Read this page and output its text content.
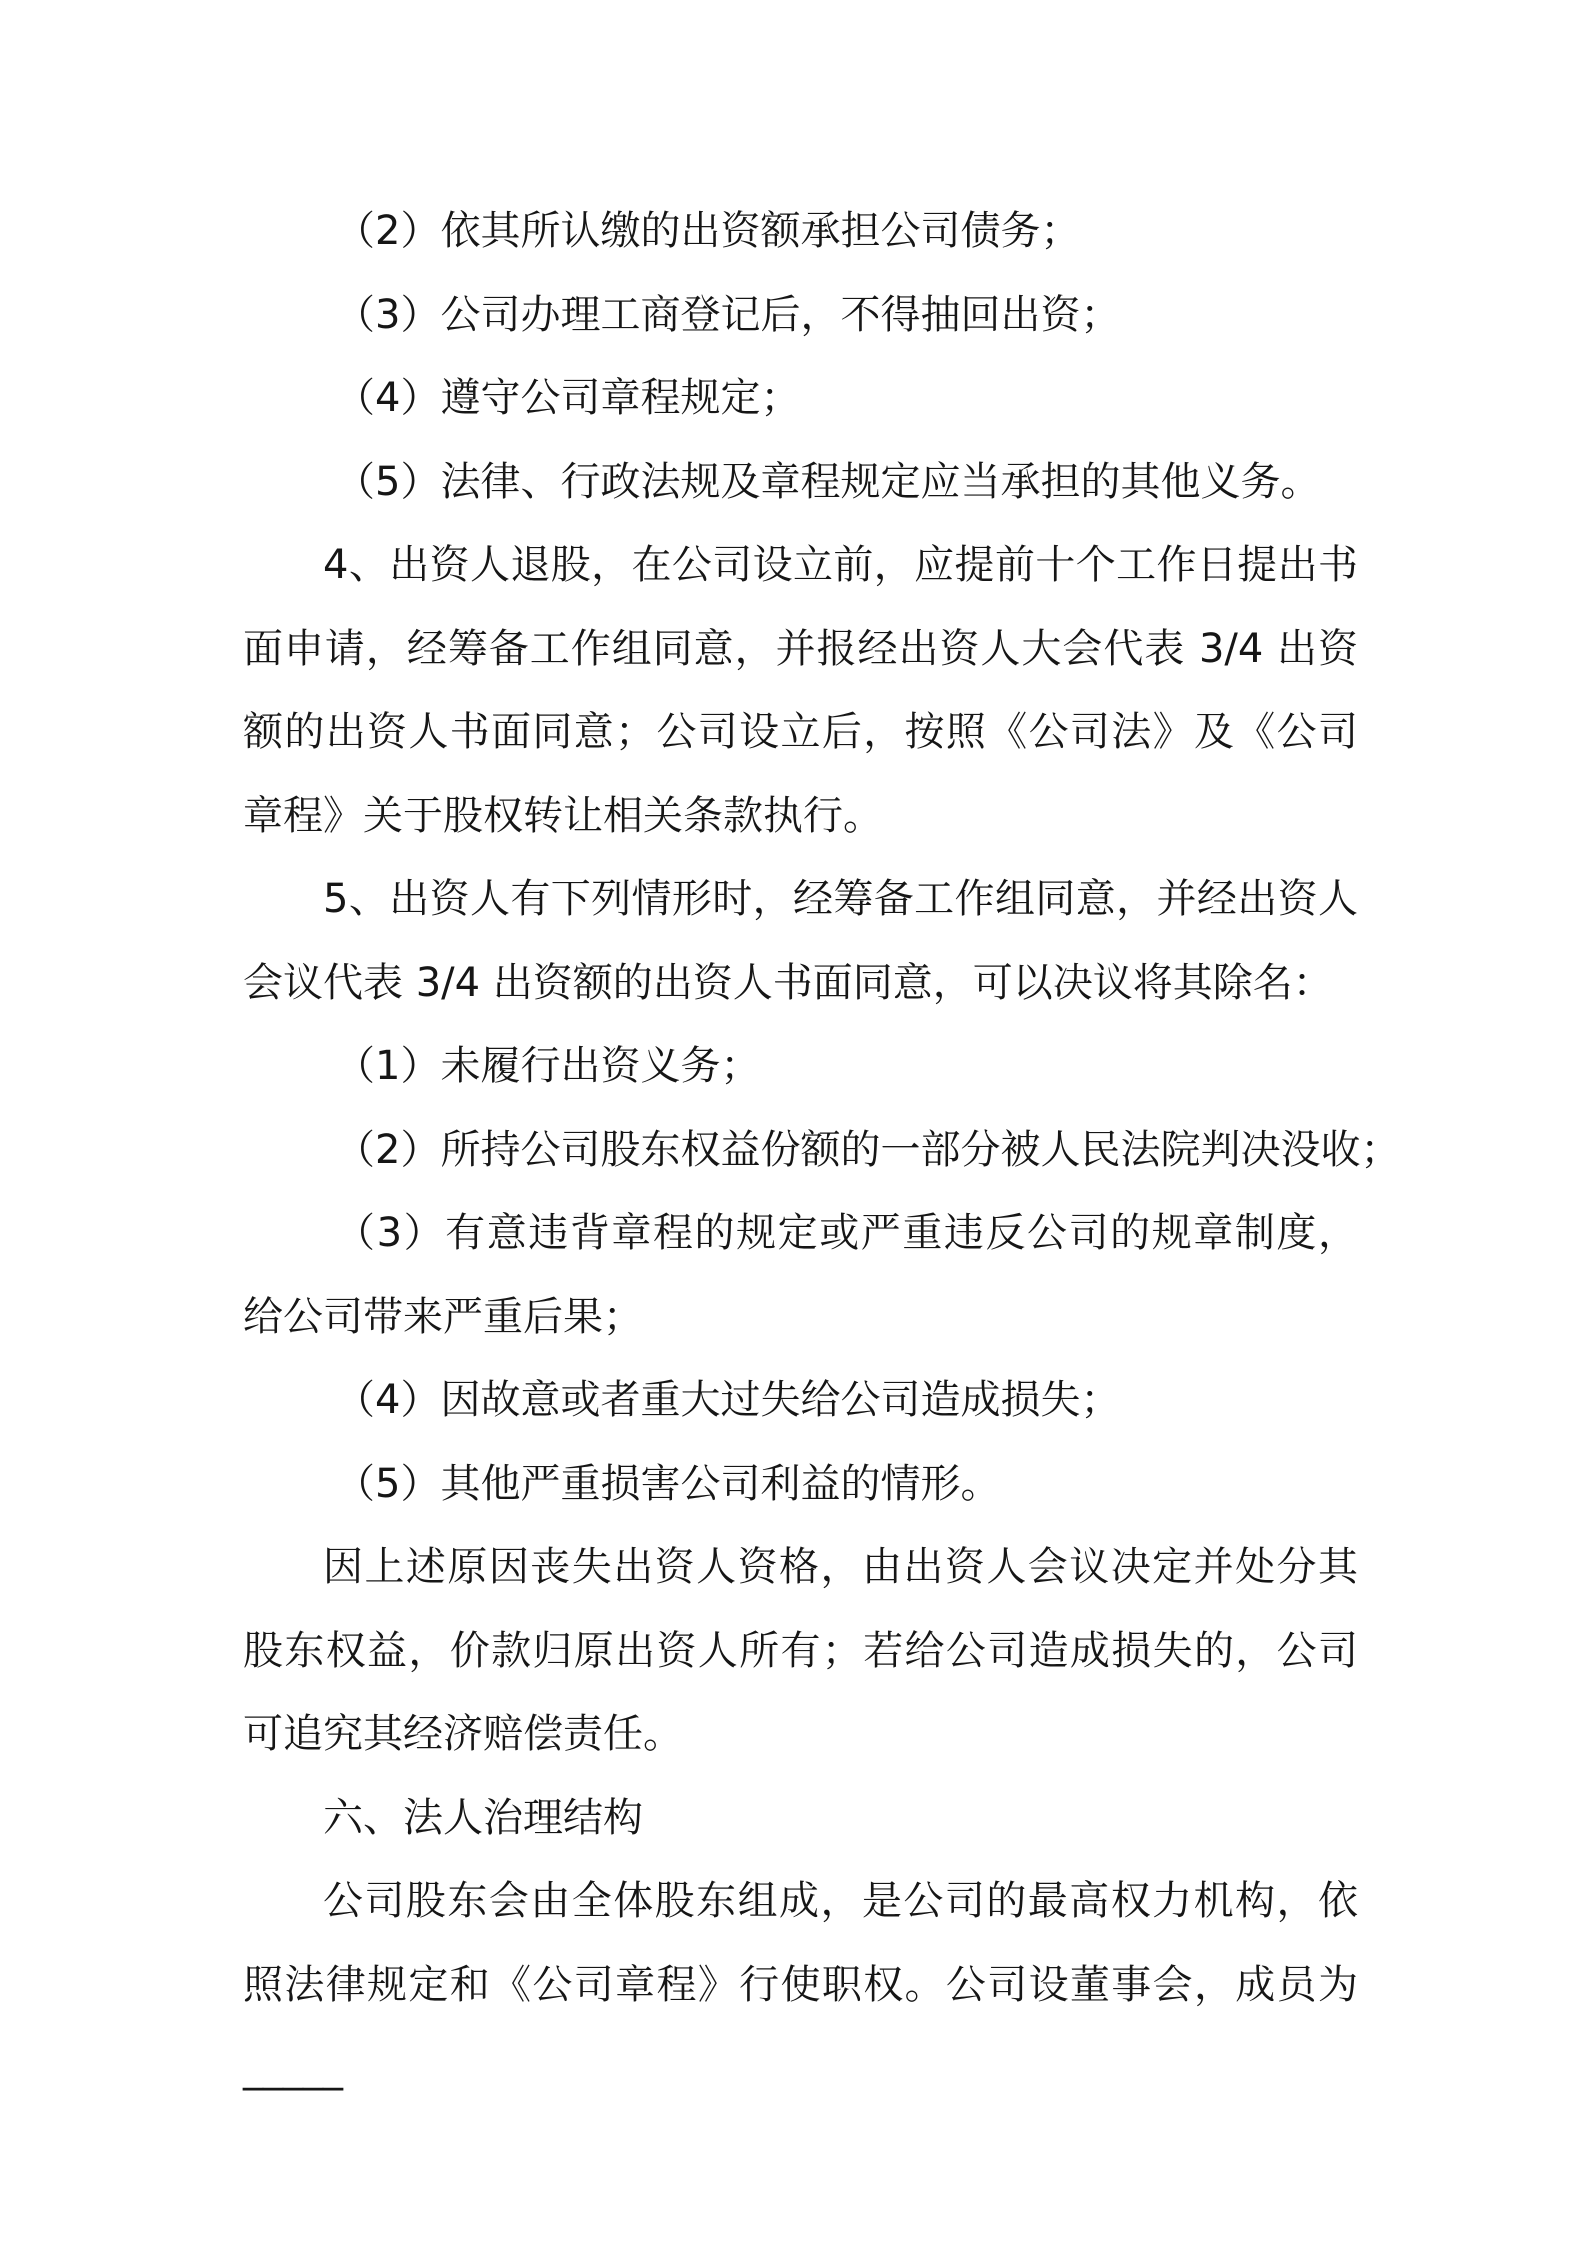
（2）依其所认缴的出资额承担公司债务；

（3）公司办理工商登记后，不得抽回出资；

（4）遵守公司章程规定；

（5）法律、行政法规及章程规定应当承担的其他义务。

4、出资人退股，在公司设立前，应提前十个工作日提出书面申请，经筹备工作组同意，并报经出资人大会代表 3/4 出资额的出资人书面同意；公司设立后，按照《公司法》及《公司章程》关于股权转让相关条款执行。

5、出资人有下列情形时，经筹备工作组同意，并经出资人会议代表 3/4 出资额的出资人书面同意，可以决议将其除名：

（1）未履行出资义务；

（2）所持公司股东权益份额的一部分被人民法院判决没收；

（3）有意违背章程的规定或严重违反公司的规章制度，给公司带来严重后果；

（4）因故意或者重大过失给公司造成损失；

（5）其他严重损害公司利益的情形。

因上述原因丧失出资人资格，由出资人会议决定并处分其股东权益，价款归原出资人所有；若给公司造成损失的，公司可追究其经济赔偿责任。

六、法人治理结构

公司股东会由全体股东组成，是公司的最高权力机构，依照法律规定和《公司章程》行使职权。公司设董事会，成员为_____
